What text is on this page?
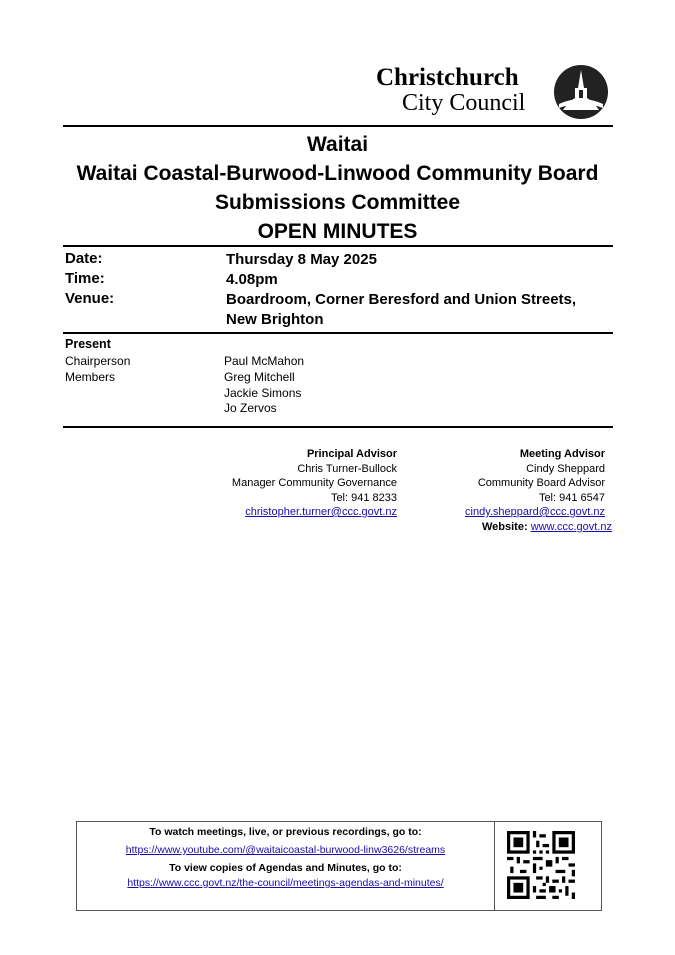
Christchurch
City Council
Waitai
Waitai Coastal-Burwood-Linwood Community Board
Submissions Committee
OPEN MINUTES
Date:	Thursday 8 May 2025
Time:	4.08pm
Venue:	Boardroom, Corner Beresford and Union Streets, New Brighton
Present
Chairperson	Paul McMahon
Members	Greg Mitchell
Jackie Simons
Jo Zervos
Principal Advisor
Chris Turner-Bullock
Manager Community Governance
Tel: 941 8233
christopher.turner@ccc.govt.nz
Meeting Advisor
Cindy Sheppard
Community Board Advisor
Tel: 941 6547
cindy.sheppard@ccc.govt.nz
Website: www.ccc.govt.nz
To watch meetings, live, or previous recordings, go to:
https://www.youtube.com/@waitaicoastal-burwood-linw3626/streams
To view copies of Agendas and Minutes, go to:
https://www.ccc.govt.nz/the-council/meetings-agendas-and-minutes/
